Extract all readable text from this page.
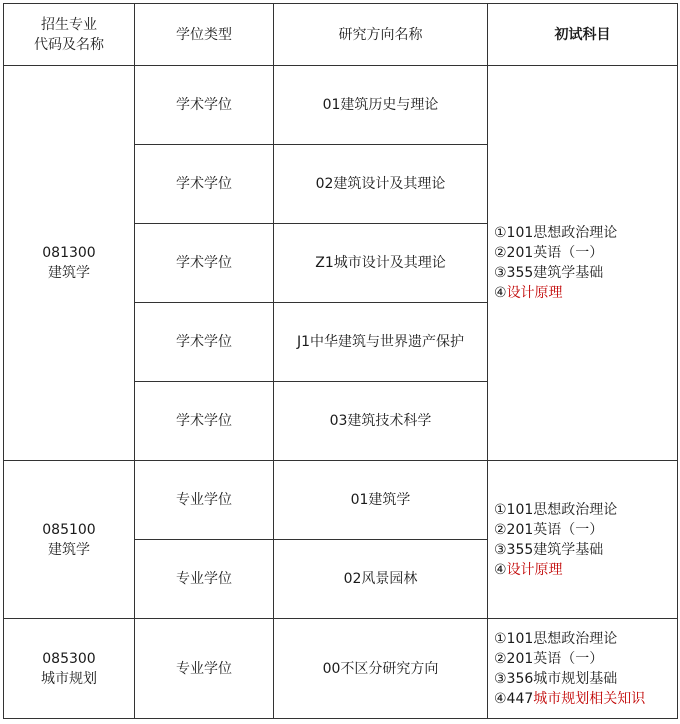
招生专业
代码及名称	学位类型	研究方向名称	初试科目

081300
建筑学	学术学位	01建筑历史与理论	①101思想政治理论
②201英语（一）
③355建筑学基础
④设计原理

	学术学位	02建筑设计及其理论	
	学术学位	Z1城市设计及其理论	
	学术学位	J1中华建筑与世界遗产保护	
	学术学位	03建筑技术科学	

085100
建筑学	专业学位	01建筑学	①101思想政治理论
②201英语（一）
③355建筑学基础
④设计原理

	专业学位	02风景园林	

085300
城市规划	专业学位	00不区分研究方向	①101思想政治理论
②201英语（一）
③356城市规划基础
④447城市规划相关知识
